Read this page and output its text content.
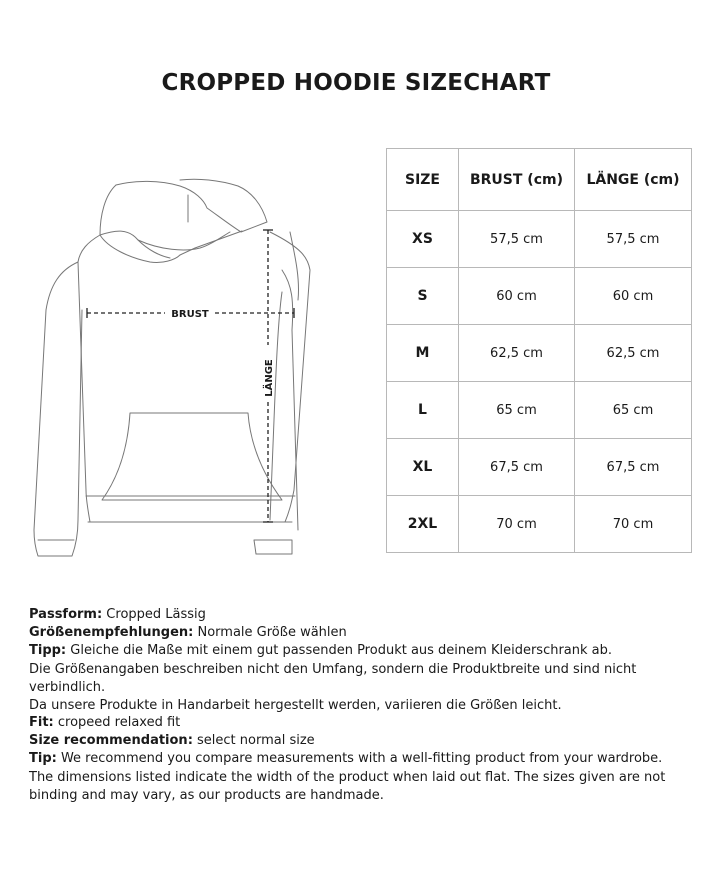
CROPPED HOODIE SIZECHART
BRUST
LÄNGE
SIZE	BRUST (cm)	LÄNGE (cm)
XS	57,5 cm	57,5 cm
S	60 cm	60 cm
M	62,5 cm	62,5 cm
L	65 cm	65 cm
XL	67,5 cm	67,5 cm
2XL	70 cm	70 cm

Passform: Cropped Lässig

Größenempfehlungen: Normale Größe wählen

Tipp: Gleiche die Maße mit einem gut passenden Produkt aus deinem Kleiderschrank ab.

Die Größenangaben beschreiben nicht den Umfang, sondern die Produktbreite und sind nicht verbindlich.

Da unsere Produkte in Handarbeit hergestellt werden, variieren die Größen leicht.

Fit: cropeed relaxed fit

Size recommendation: select normal size

Tip: We recommend you compare measurements with a well-fitting product from your wardrobe.

The dimensions listed indicate the width of the product when laid out flat. The sizes given are not binding and may vary, as our products are handmade.
